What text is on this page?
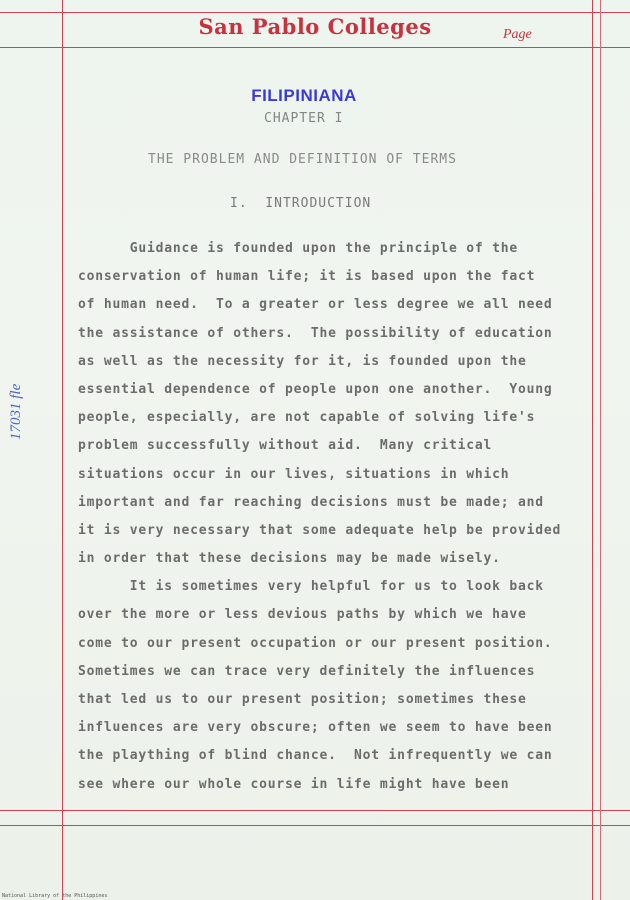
San Pablo Colleges	Page
FILIPINIANA
CHAPTER I
THE PROBLEM AND DEFINITION OF TERMS
I.  INTRODUCTION
Guidance is founded upon the principle of the
conservation of human life; it is based upon the fact
of human need.  To a greater or less degree we all need
the assistance of others.  The possibility of education
as well as the necessity for it, is founded upon the
essential dependence of people upon one another.  Young
people, especially, are not capable of solving life's
problem successfully without aid.  Many critical
situations occur in our lives, situations in which
important and far reaching decisions must be made; and
it is very necessary that some adequate help be provided
in order that these decisions may be made wisely.
It is sometimes very helpful for us to look back
over the more or less devious paths by which we have
come to our present occupation or our present position.
Sometimes we can trace very definitely the influences
that led us to our present position; sometimes these
influences are very obscure; often we seem to have been
the plaything of blind chance.  Not infrequently we can
see where our whole course in life might have been
17031 fle
National Library of the Philippines
